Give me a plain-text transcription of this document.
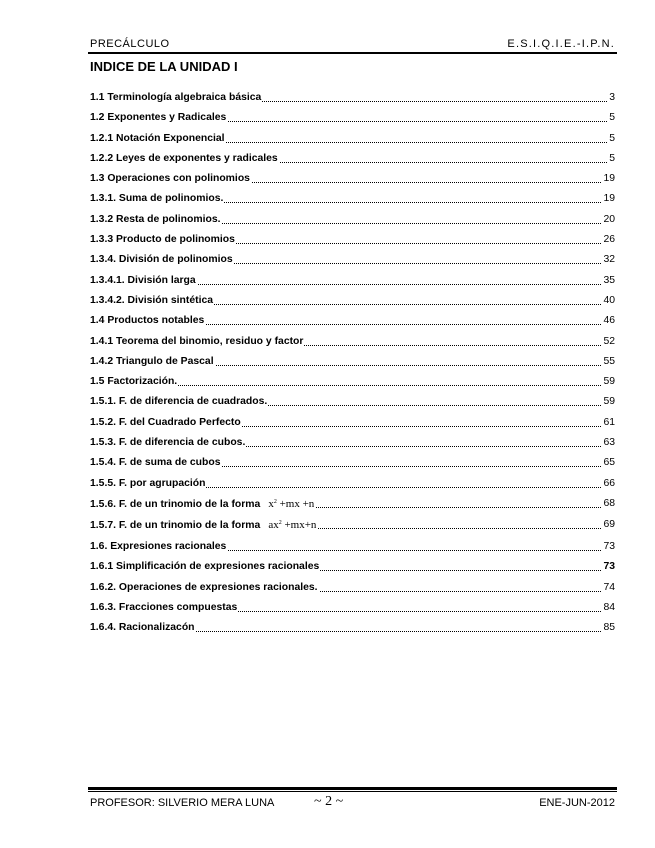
PRECÁLCULO	E.S.I.Q.I.E.-I.P.N.
INDICE DE LA UNIDAD I
1.1 Terminología algebraica básica	3
1.2 Exponentes y Radicales	5
1.2.1 Notación Exponencial	5
1.2.2 Leyes de exponentes y radicales	5
1.3 Operaciones con polinomios	19
1.3.1. Suma de polinomios.	19
1.3.2 Resta de polinomios.	20
1.3.3 Producto de polinomios	26
1.3.4. División de polinomios	32
1.3.4.1. División larga	35
1.3.4.2. División sintética	40
1.4 Productos notables	46
1.4.1 Teorema del binomio, residuo y factor	52
1.4.2 Triangulo de Pascal	55
1.5 Factorización.	59
1.5.1. F. de diferencia de cuadrados.	59
1.5.2. F. del Cuadrado Perfecto	61
1.5.3. F. de diferencia de cubos.	63
1.5.4. F. de suma de cubos	65
1.5.5. F. por agrupación	66
1.5.6. F. de un trinomio de la forma $x^2 +mx +n$	68
1.5.7. F. de un trinomio de la forma $ax^2 +mx+n$	69
1.6. Expresiones racionales	73
1.6.1 Simplificación de expresiones racionales	73
1.6.2. Operaciones de expresiones racionales.	74
1.6.3. Fracciones compuestas	84
1.6.4. Racionalizacón	85
PROFESOR: SILVERIO MERA LUNA	~ 2 ~	ENE-JUN-2012
